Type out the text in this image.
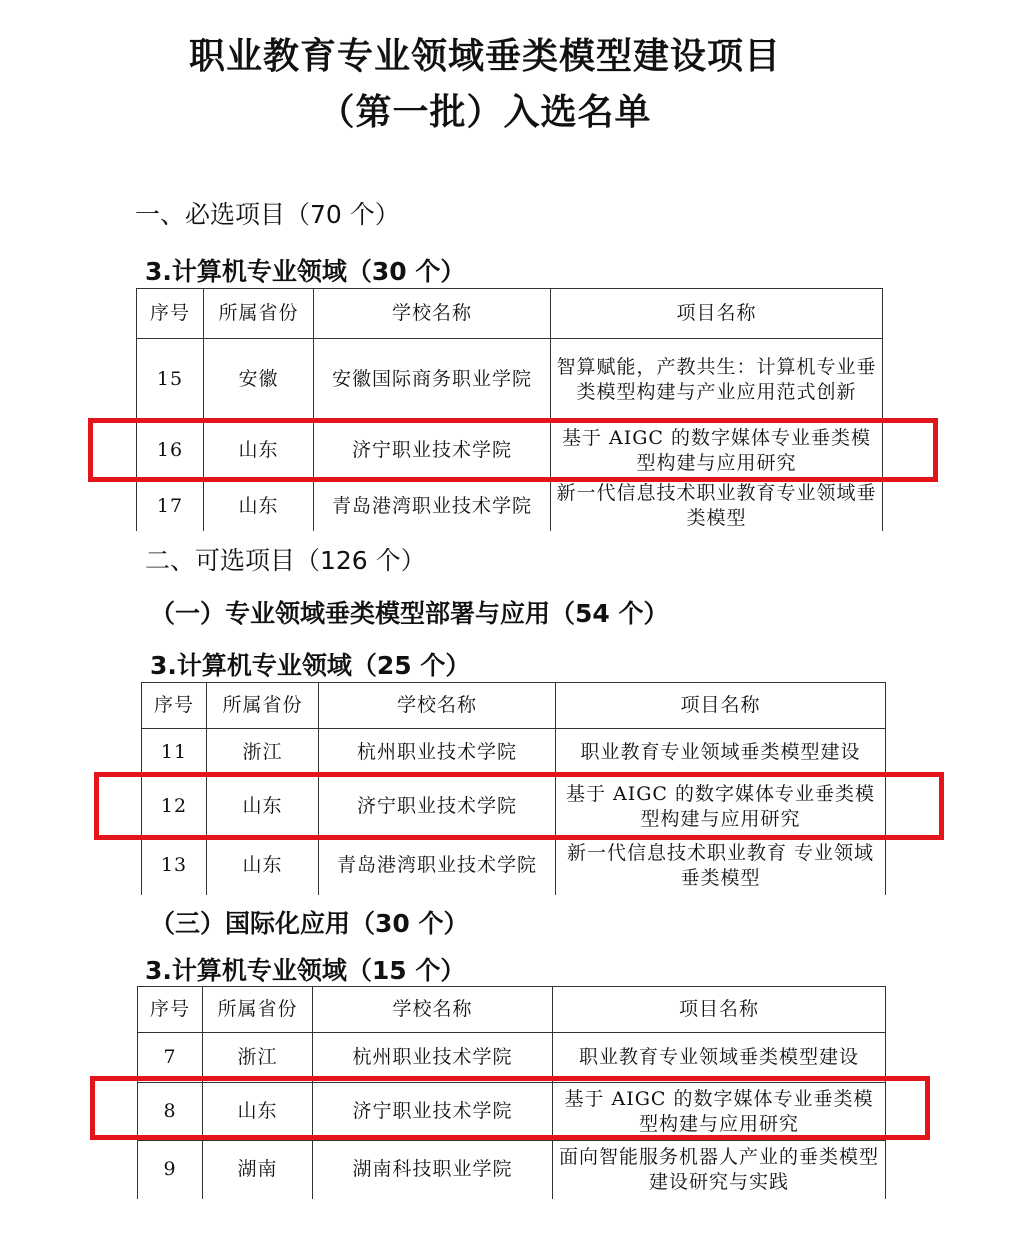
职业教育专业领域垂类模型建设项目
（第一批）入选名单
一、必选项目（70 个）
3.计算机专业领域（30 个）
序号	所属省份	学校名称	项目名称
15	安徽	安徽国际商务职业学院	智算赋能，产教共生：计算机专业垂类模型构建与产业应用范式创新
16	山东	济宁职业技术学院	基于 AIGC 的数字媒体专业垂类模型构建与应用研究
17	山东	青岛港湾职业技术学院	新一代信息技术职业教育专业领域垂类模型
二、可选项目（126 个）
（一）专业领域垂类模型部署与应用（54 个）
3.计算机专业领域（25 个）
序号	所属省份	学校名称	项目名称
11	浙江	杭州职业技术学院	职业教育专业领域垂类模型建设
12	山东	济宁职业技术学院	基于 AIGC 的数字媒体专业垂类模型构建与应用研究
13	山东	青岛港湾职业技术学院	新一代信息技术职业教育 专业领域垂类模型
（三）国际化应用（30 个）
3.计算机专业领域（15 个）
序号	所属省份	学校名称	项目名称
7	浙江	杭州职业技术学院	职业教育专业领域垂类模型建设
8	山东	济宁职业技术学院	基于 AIGC 的数字媒体专业垂类模型构建与应用研究
9	湖南	湖南科技职业学院	面向智能服务机器人产业的垂类模型建设研究与实践
